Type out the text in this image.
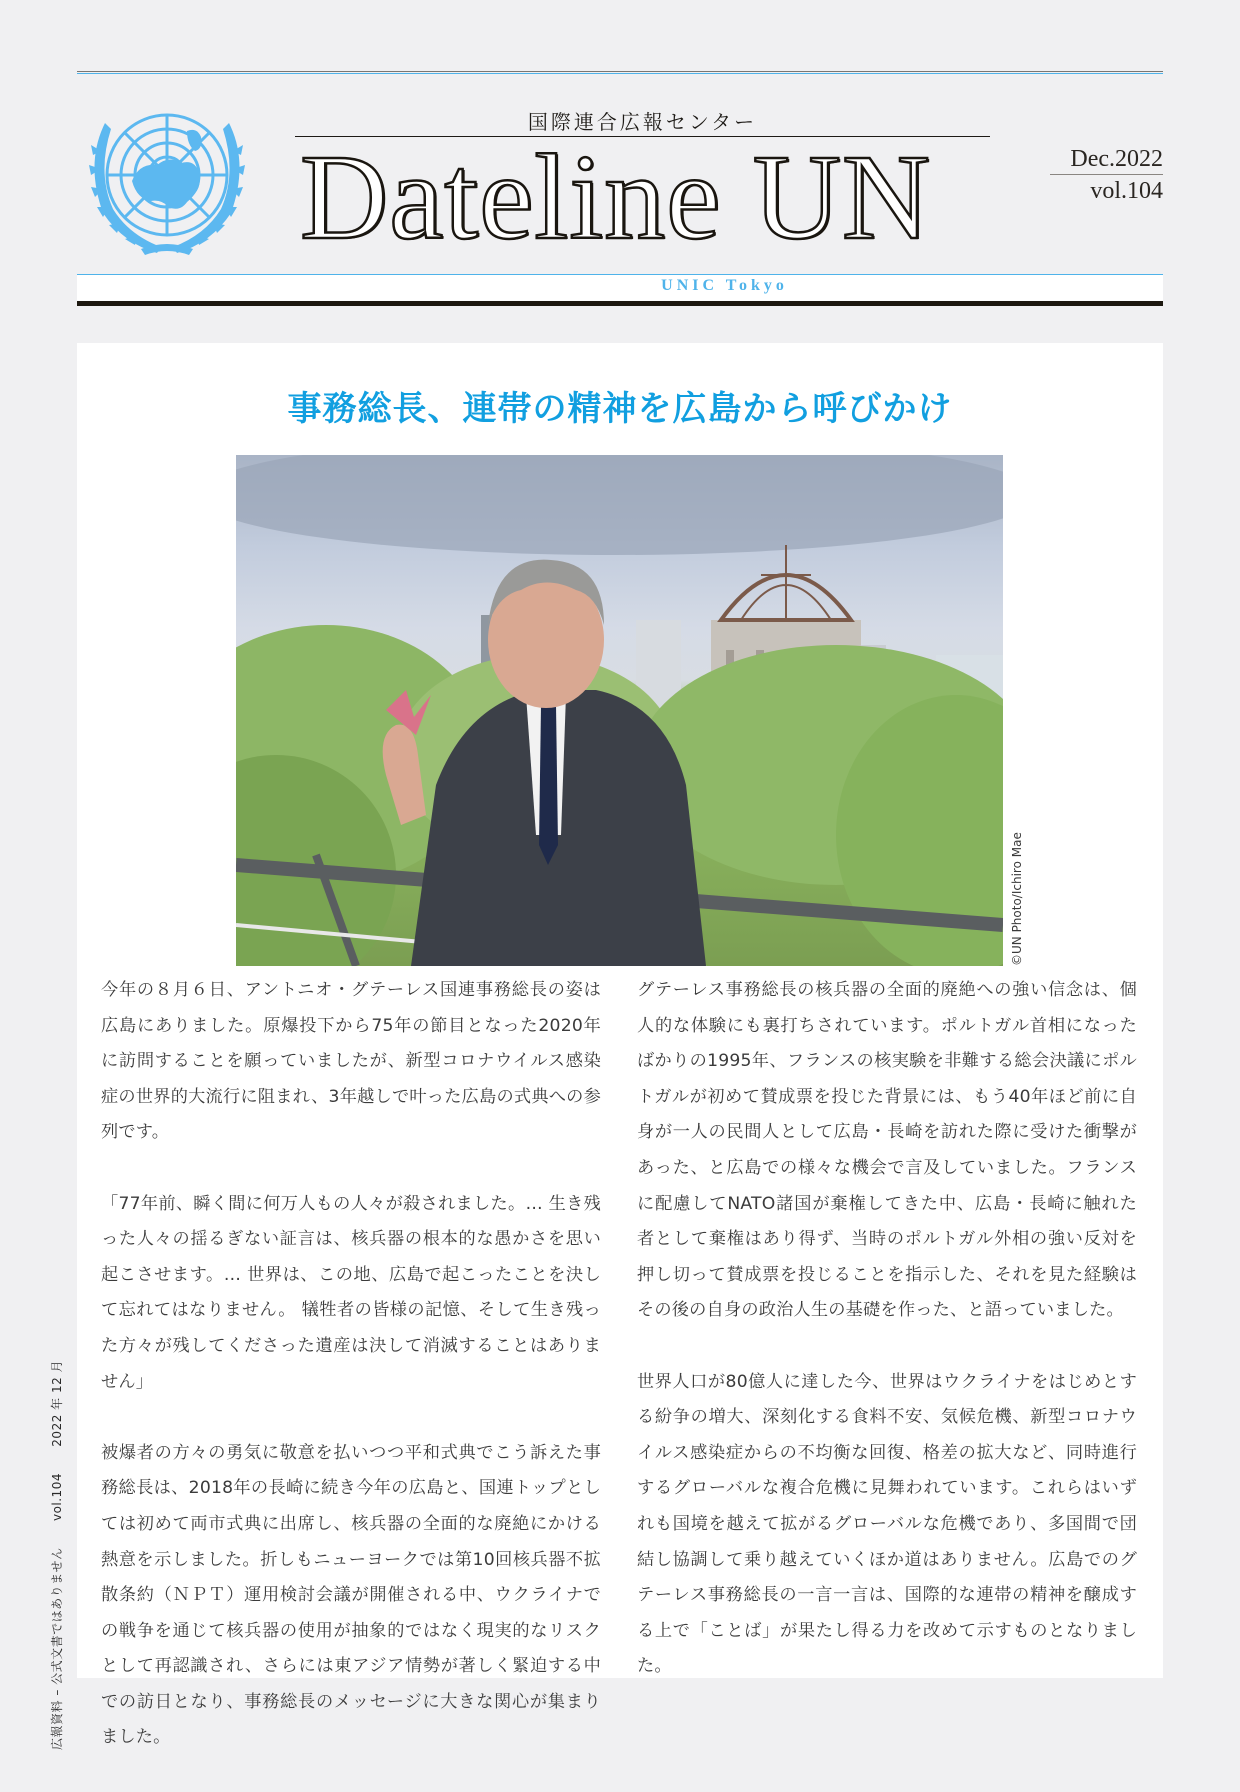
国際連合広報センター
Dateline UN	Dec.2022
vol.104
UNIC Tokyo
事務総長、連帯の精神を広島から呼びかけ
©UN Photo/Ichiro Mae

今年の８月６日、アントニオ・グテーレス国連事務総長の姿は広島にありました。原爆投下から75年の節目となった2020年に訪問することを願っていましたが、新型コロナウイルス感染症の世界的大流行に阻まれ、3年越しで叶った広島の式典への参列です。

「77年前、瞬く間に何万人もの人々が殺されました。… 生き残った人々の揺るぎない証言は、核兵器の根本的な愚かさを思い起こさせます。… 世界は、この地、広島で起こったことを決して忘れてはなりません。 犠牲者の皆様の記憶、そして生き残った方々が残してくださった遺産は決して消滅することはありません」

被爆者の方々の勇気に敬意を払いつつ平和式典でこう訴えた事務総長は、2018年の長崎に続き今年の広島と、国連トップとしては初めて両市式典に出席し、核兵器の全面的な廃絶にかける熱意を示しました。折しもニューヨークでは第10回核兵器不拡散条約（ＮＰＴ）運用検討会議が開催される中、ウクライナでの戦争を通じて核兵器の使用が抽象的ではなく現実的なリスクとして再認識され、さらには東アジア情勢が著しく緊迫する中での訪日となり、事務総長のメッセージに大きな関心が集まりました。

グテーレス事務総長の核兵器の全面的廃絶への強い信念は、個人的な体験にも裏打ちされています。ポルトガル首相になったばかりの1995年、フランスの核実験を非難する総会決議にポルトガルが初めて賛成票を投じた背景には、もう40年ほど前に自身が一人の民間人として広島・長崎を訪れた際に受けた衝撃があった、と広島での様々な機会で言及していました。フランスに配慮してNATO諸国が棄権してきた中、広島・長崎に触れた者として棄権はあり得ず、当時のポルトガル外相の強い反対を押し切って賛成票を投じることを指示した、それを見た経験はその後の自身の政治人生の基礎を作った、と語っていました。

世界人口が80億人に達した今、世界はウクライナをはじめとする紛争の増大、深刻化する食料不安、気候危機、新型コロナウイルス感染症からの不均衡な回復、格差の拡大など、同時進行するグローバルな複合危機に見舞われています。これらはいずれも国境を越えて拡がるグローバルな危機であり、多国間で団結し協調して乗り越えていくほか道はありません。広島でのグテーレス事務総長の一言一言は、国際的な連帯の精神を醸成する上で「ことば」が果たし得る力を改めて示すものとなりました。

広報資料 – 公式文書ではありません vol.104 2022 年 12 月
